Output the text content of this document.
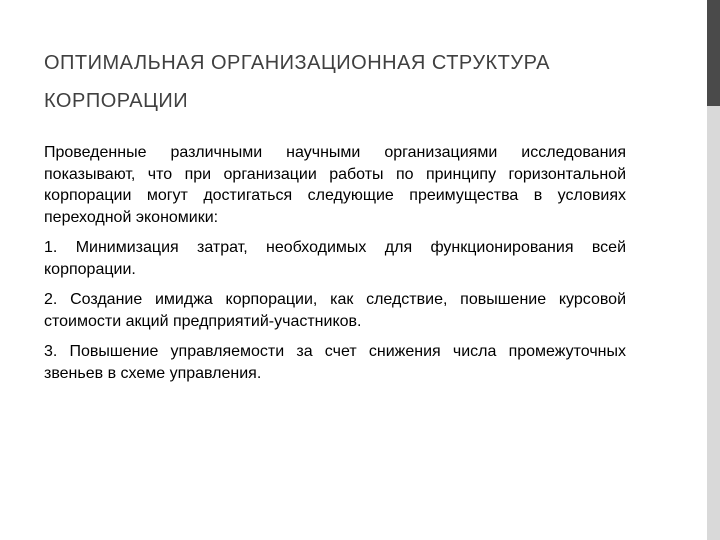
ОПТИМАЛЬНАЯ ОРГАНИЗАЦИОННАЯ СТРУКТУРА КОРПОРАЦИИ

Проведенные различными научными организациями исследования показывают, что при организации работы по принципу горизонтальной корпорации могут достигаться следующие преимущества в условиях переходной экономики:

1. Минимизация затрат, необходимых для функционирования всей корпорации.

2. Создание имиджа корпорации, как следствие, повышение курсовой стоимости акций предприятий-участников.

3. Повышение управляемости за счет снижения числа промежуточных звеньев в схеме управления.
